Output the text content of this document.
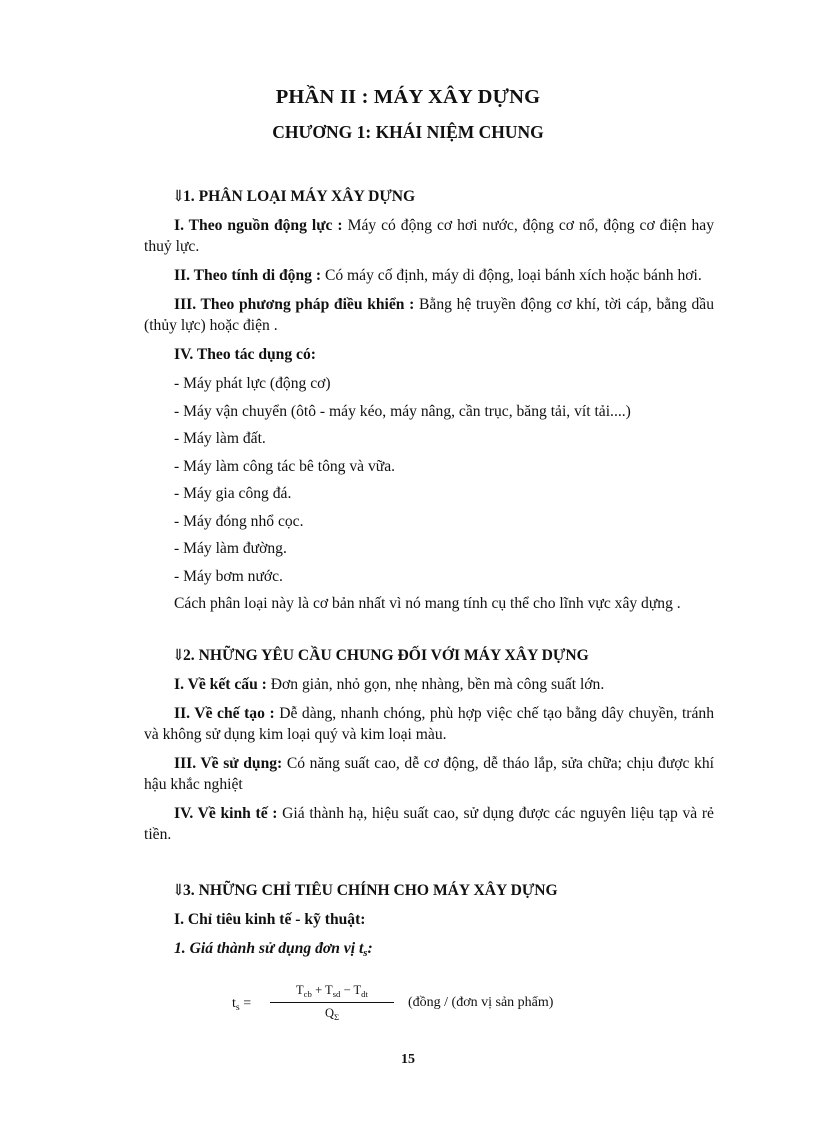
PHẦN II : MÁY XÂY DỰNG
CHƯƠNG 1: KHÁI NIỆM CHUNG
⇓
1. PHÂN LOẠI MÁY XÂY DỰNG

I. Theo nguồn động lực : Máy có động cơ hơi nước, động cơ nổ, động cơ điện hay thuỷ lực.

II. Theo tính di động : Có máy cố định, máy di động, loại bánh xích hoặc bánh hơi.

III. Theo phương pháp điều khiển : Bằng hệ truyền động cơ khí, tời cáp, bằng dầu (thủy lực) hoặc điện .

IV. Theo tác dụng có:

- Máy phát lực (động cơ)
- Máy vận chuyển (ôtô - máy kéo, máy nâng, cần trục, băng tải, vít tải....)
- Máy làm đất.
- Máy làm công tác bê tông và vữa.
- Máy gia công đá.
- Máy đóng nhổ cọc.
- Máy làm đường.
- Máy bơm nước.
Cách phân loại này là cơ bản nhất vì nó mang tính cụ thể cho lĩnh vực xây dựng .
⇓
2. NHỮNG YÊU CẦU CHUNG ĐỐI VỚI MÁY XÂY DỰNG

I. Về kết cấu : Đơn giản, nhỏ gọn, nhẹ nhàng, bền mà công suất lớn.

II. Về chế tạo : Dễ dàng, nhanh chóng, phù hợp việc chế tạo bằng dây chuyền, tránh và không sử dụng kim loại quý và kim loại màu.

III. Về sử dụng: Có năng suất cao, dễ cơ động, dễ tháo lắp, sửa chữa; chịu được khí hậu khắc nghiệt

IV. Về kinh tế : Giá thành hạ, hiệu suất cao, sử dụng được các nguyên liệu tạp và rẻ tiền.

⇓
3. NHỮNG CHỈ TIÊU CHÍNH CHO MÁY XÂY DỰNG

I. Chỉ tiêu kinh tế - kỹ thuật:

1. Giá thành sử dụng đơn vị $t_s$:

$t_s$ =
$T_{cb} + T_{sd} - T_{dt}$
$Q_\Sigma$
(đồng / (đơn vị sản phẩm)
15
